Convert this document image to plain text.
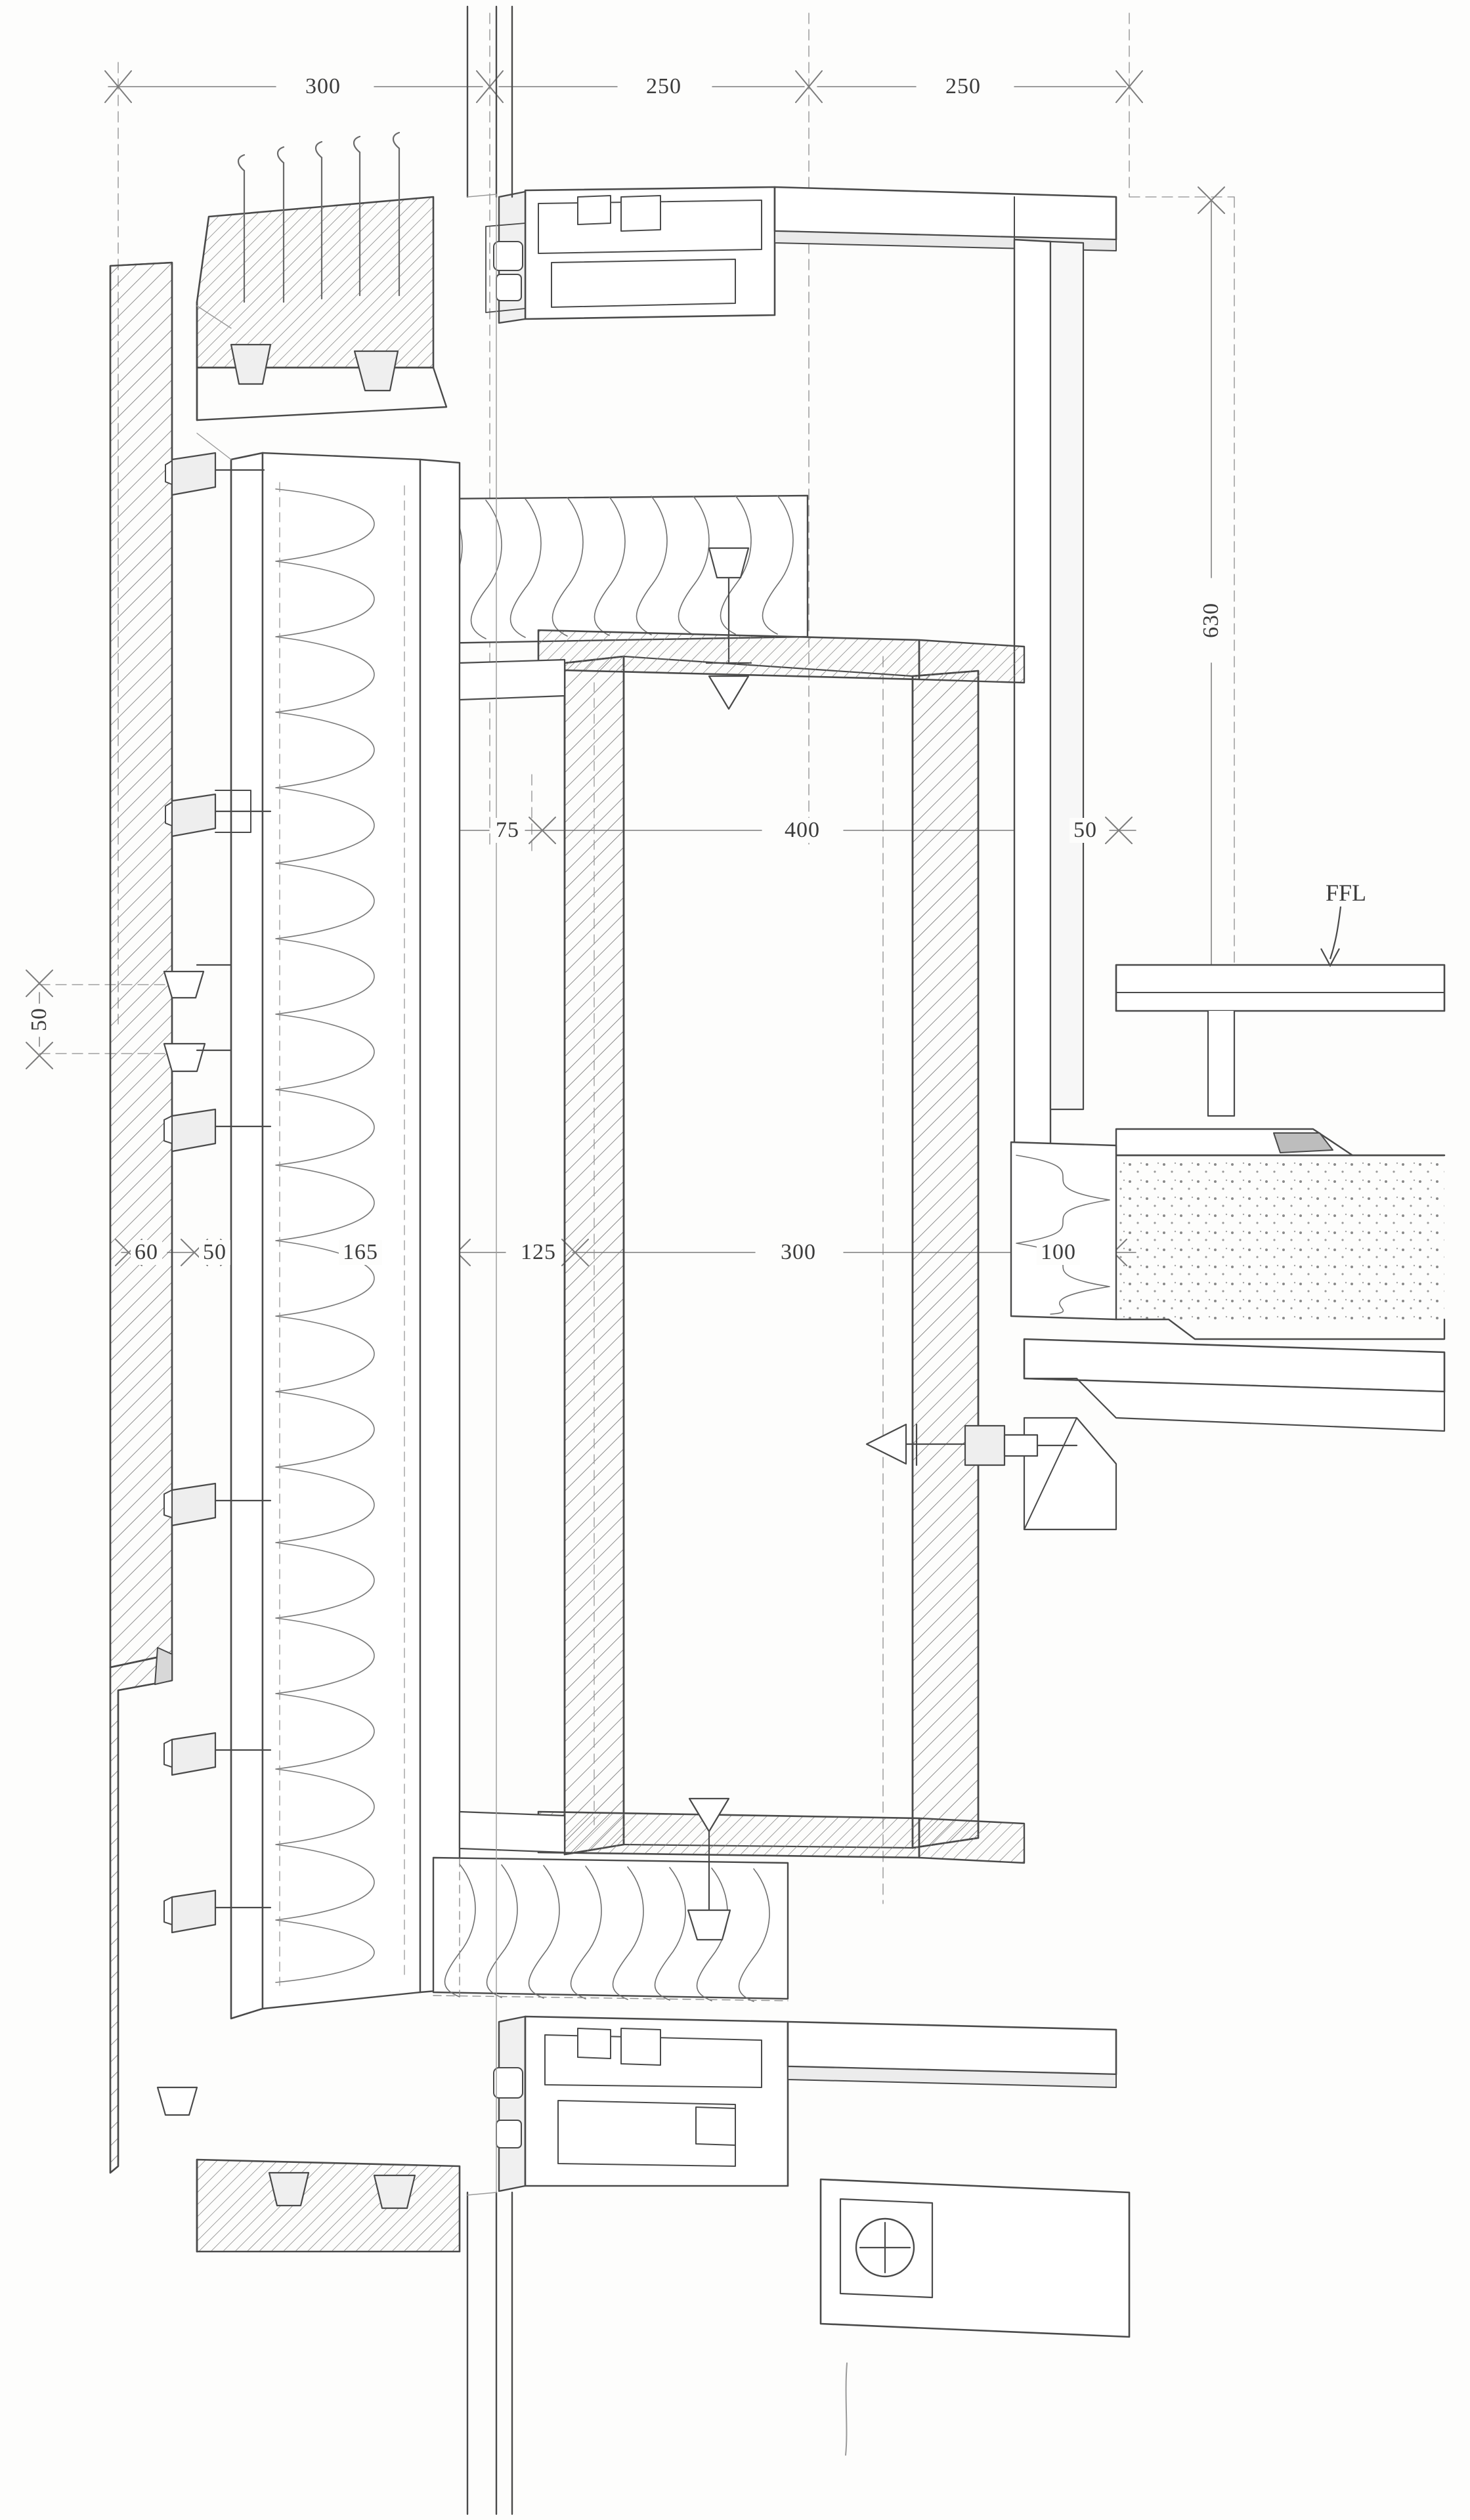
300	250	250
630
75	400	50
50
60 50	165	125	300	100
FFL
